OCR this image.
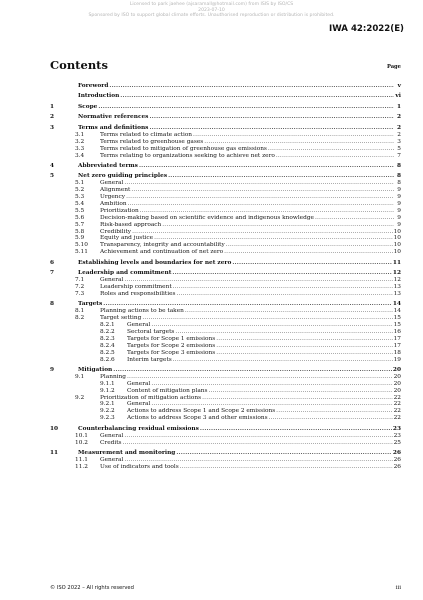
Licensed to park jaehee (ajsaramall@hotmail.com) from ISIS by ISO/CS
2023-07-10
Sponsored by ISO to support global climate efforts. Unauthorised reproduction or distribution is prohibited.
IWA 42:2022(E)
Contents	Page
Foreword .....	v
Introduction .....	vi
1	Scope .....	1
2	Normative references .....	2
3	Terms and definitions .....	2
3.1	Terms related to climate action .....	2
3.2	Terms related to greenhouse gases .....	3
3.3	Terms related to mitigation of greenhouse gas emissions .....	5
3.4	Terms relating to organizations seeking to achieve net zero .....	7
4	Abbreviated terms .....	8
5	Net zero guiding principles .....	8
5.1	General .....	8
5.2	Alignment .....	9
5.3	Urgency .....	9
5.4	Ambition .....	9
5.5	Prioritization .....	9
5.6	Decision-making based on scientific evidence and indigenous knowledge .....	9
5.7	Risk-based approach .....	9
5.8	Credibility .....	10
5.9	Equity and justice .....	10
5.10	Transparency, integrity and accountability .....	10
5.11	Achievement and continuation of net zero .....	10
6	Establishing levels and boundaries for net zero .....	11
7	Leadership and commitment .....	12
7.1	General .....	12
7.2	Leadership commitment .....	13
7.3	Roles and responsibilities .....	13
8	Targets .....	14
8.1	Planning actions to be taken .....	14
8.2	Target setting .....	15
8.2.1	General .....	15
8.2.2	Sectoral targets .....	16
8.2.3	Targets for Scope 1 emissions .....	17
8.2.4	Targets for Scope 2 emissions .....	17
8.2.5	Targets for Scope 3 emissions .....	18
8.2.6	Interim targets .....	19
9	Mitigation .....	20
9.1	Planning .....	20
9.1.1	General .....	20
9.1.2	Content of mitigation plans .....	20
9.2	Prioritization of mitigation actions .....	22
9.2.1	General .....	22
9.2.2	Actions to address Scope 1 and Scope 2 emissions .....	22
9.2.3	Actions to address Scope 3 and other emissions .....	22
10	Counterbalancing residual emissions .....	23
10.1	General .....	23
10.2	Credits .....	25
11	Measurement and monitoring .....	26
11.1	General .....	26
11.2	Use of indicators and tools .....	26
© ISO 2022 – All rights reserved	iii
